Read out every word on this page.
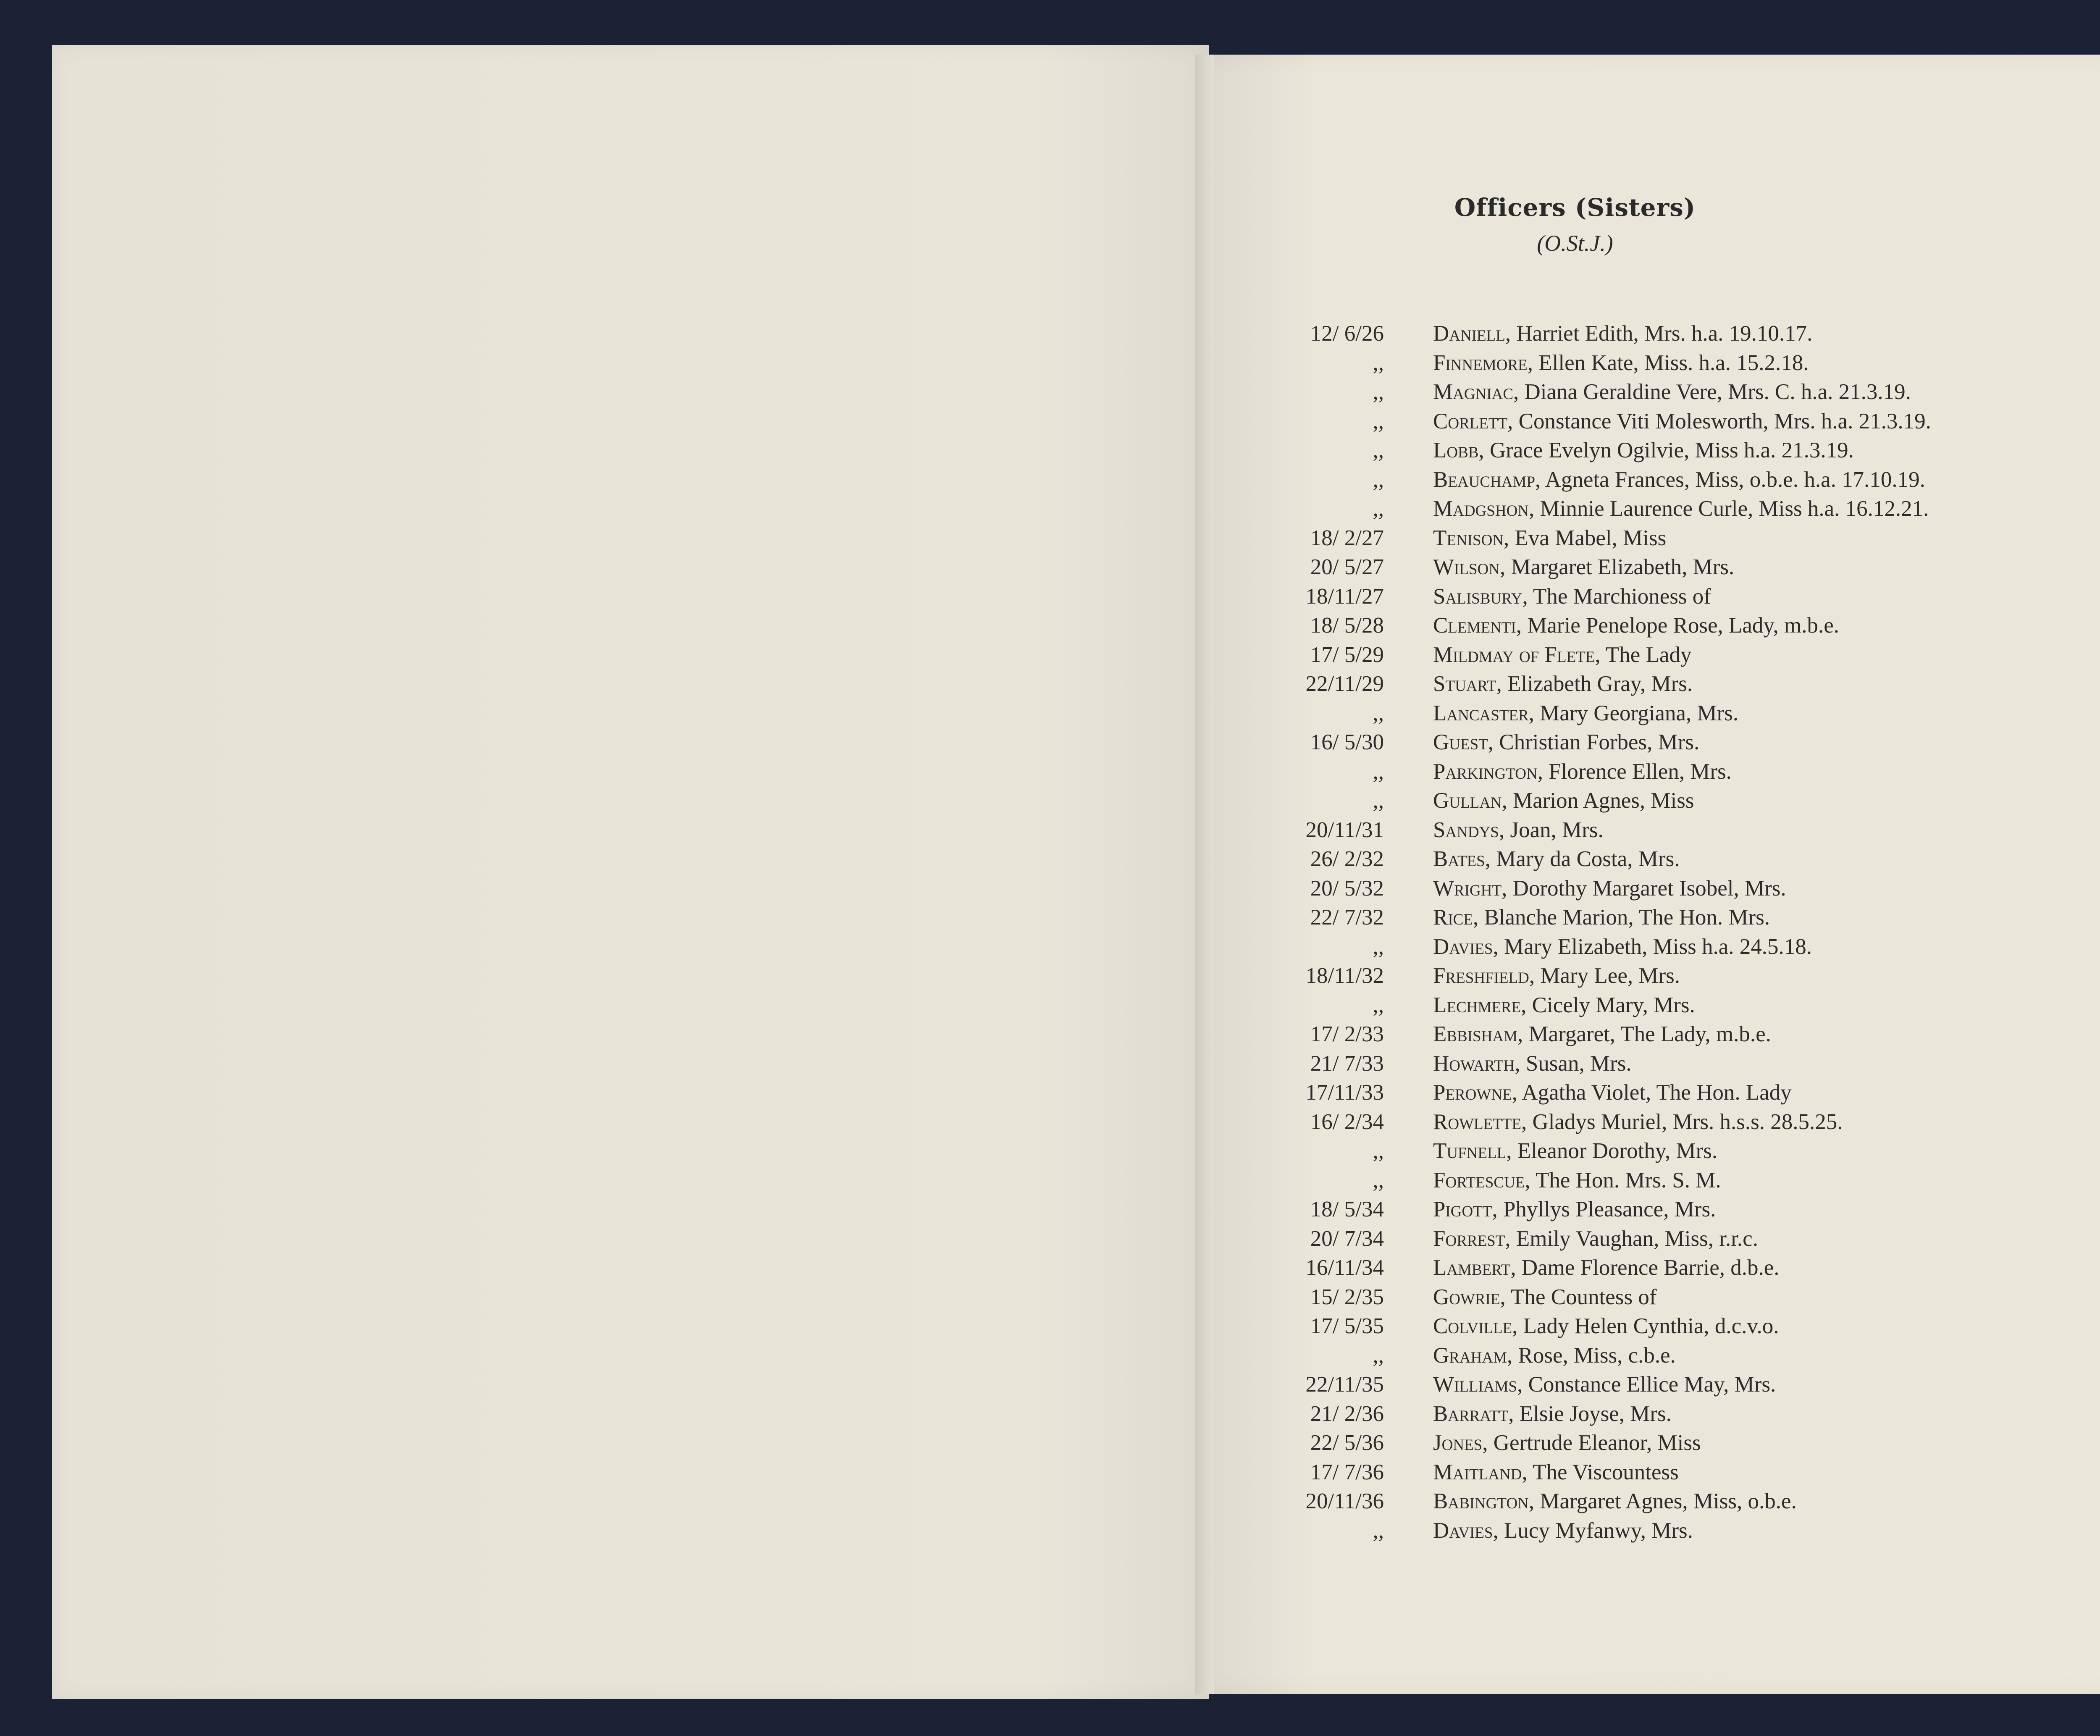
Officers (Sisters)
(O.St.J.)
12/ 6/26 Daniell, Harriet Edith, Mrs. h.a. 19.10.17.
,, Finnemore, Ellen Kate, Miss. h.a. 15.2.18.
,, Magniac, Diana Geraldine Vere, Mrs. C. h.a. 21.3.19.
,, Corlett, Constance Viti Molesworth, Mrs. h.a. 21.3.19.
,, Lobb, Grace Evelyn Ogilvie, Miss h.a. 21.3.19.
,, Beauchamp, Agneta Frances, Miss, o.b.e. h.a. 17.10.19.
,, Madgshon, Minnie Laurence Curle, Miss h.a. 16.12.21.
18/ 2/27 Tenison, Eva Mabel, Miss
20/ 5/27 Wilson, Margaret Elizabeth, Mrs.
18/11/27 Salisbury, The Marchioness of
18/ 5/28 Clementi, Marie Penelope Rose, Lady, m.b.e.
17/ 5/29 Mildmay of Flete, The Lady
22/11/29 Stuart, Elizabeth Gray, Mrs.
,, Lancaster, Mary Georgiana, Mrs.
16/ 5/30 Guest, Christian Forbes, Mrs.
,, Parkington, Florence Ellen, Mrs.
,, Gullan, Marion Agnes, Miss
20/11/31 Sandys, Joan, Mrs.
26/ 2/32 Bates, Mary da Costa, Mrs.
20/ 5/32 Wright, Dorothy Margaret Isobel, Mrs.
22/ 7/32 Rice, Blanche Marion, The Hon. Mrs.
,, Davies, Mary Elizabeth, Miss h.a. 24.5.18.
18/11/32 Freshfield, Mary Lee, Mrs.
,, Lechmere, Cicely Mary, Mrs.
17/ 2/33 Ebbisham, Margaret, The Lady, m.b.e.
21/ 7/33 Howarth, Susan, Mrs.
17/11/33 Perowne, Agatha Violet, The Hon. Lady
16/ 2/34 Rowlette, Gladys Muriel, Mrs. h.s.s. 28.5.25.
,, Tufnell, Eleanor Dorothy, Mrs.
,, Fortescue, The Hon. Mrs. S. M.
18/ 5/34 Pigott, Phyllys Pleasance, Mrs.
20/ 7/34 Forrest, Emily Vaughan, Miss, r.r.c.
16/11/34 Lambert, Dame Florence Barrie, d.b.e.
15/ 2/35 Gowrie, The Countess of
17/ 5/35 Colville, Lady Helen Cynthia, d.c.v.o.
,, Graham, Rose, Miss, c.b.e.
22/11/35 Williams, Constance Ellice May, Mrs.
21/ 2/36 Barratt, Elsie Joyse, Mrs.
22/ 5/36 Jones, Gertrude Eleanor, Miss
17/ 7/36 Maitland, The Viscountess
20/11/36 Babington, Margaret Agnes, Miss, o.b.e.
,, Davies, Lucy Myfanwy, Mrs.
